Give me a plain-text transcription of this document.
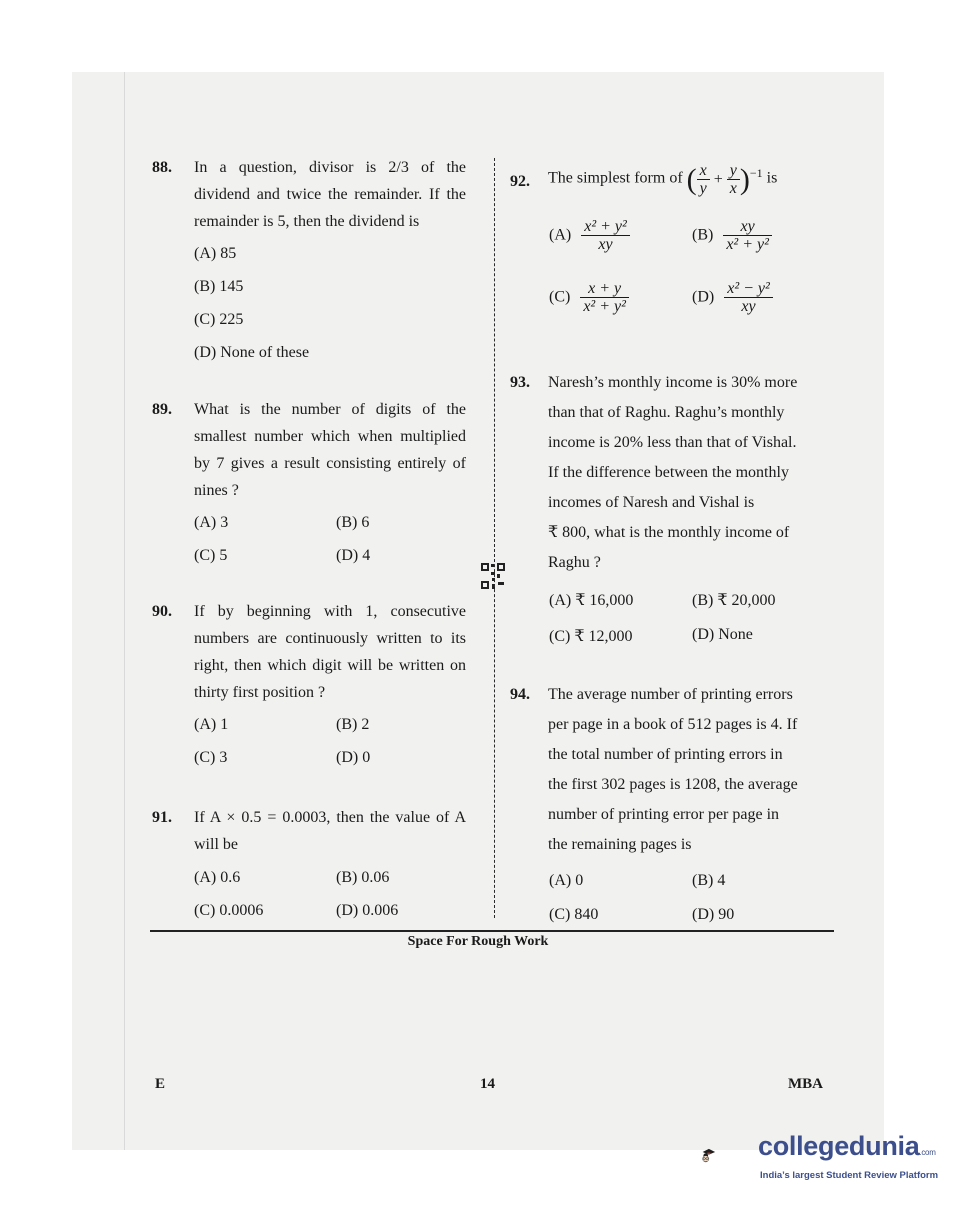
88. In a question, divisor is 2/3 of the dividend and twice the remainder. If the remainder is 5, then the dividend is
(A) 85
(B) 145
(C) 225
(D) None of these
89. What is the number of digits of the smallest number which when multiplied by 7 gives a result consisting entirely of nines ?
(A) 3	(B) 6
(C) 5	(D) 4
90. If by beginning with 1, consecutive numbers are continuously written to its right, then which digit will be written on thirty first position ?
(A) 1	(B) 2
(C) 3	(D) 0
91. If A × 0.5 = 0.0003, then the value of A will be
(A) 0.6	(B) 0.06
(C) 0.0006	(D) 0.006
92. The simplest form of ( $\frac{x}{y} + \frac{y}{x} )^{-1}$ is
$(A) \frac{\text{x² + y²}}{xy}$	$(B) \frac{xy}{\text{x² + y²}}$
$(C) \frac{x + y}{\text{x² + y²}}$	$(D) \frac{\text{x² − y²}}{xy}$
93. Naresh’s monthly income is 30% more
than that of Raghu. Raghu’s monthly
income is 20% less than that of Vishal.
If the difference between the monthly
incomes of Naresh and Vishal is
₹ 800, what is the monthly income of
Raghu ?
(A) ₹ 16,000	(B) ₹ 20,000
(C) ₹ 12,000	(D) None
94. The average number of printing errors
per page in a book of 512 pages is 4. If
the total number of printing errors in
the first 302 pages is 1208, the average
number of printing error per page in
the remaining pages is
(A) 0	(B) 4
(C) 840	(D) 90
Space For Rough Work
E	14	MBA
collegedunia.com
India’s largest Student Review Platform
